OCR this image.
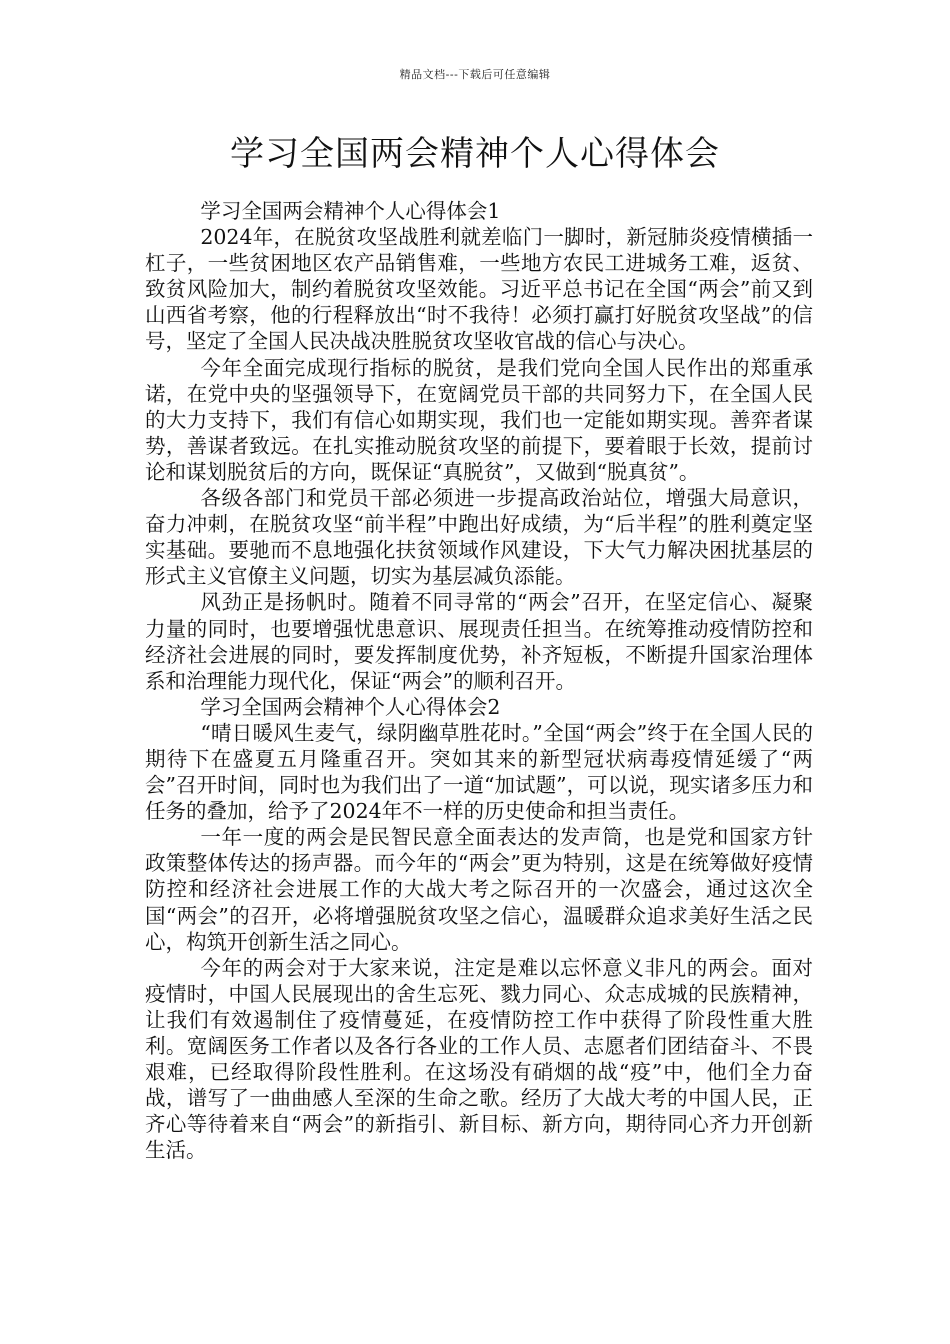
精品文档---下载后可任意编辑
学习全国两会精神个人心得体会

学习全国两会精神个人心得体会1

2024年，在脱贫攻坚战胜利就差临门一脚时，新冠肺炎疫情横插一杠子，一些贫困地区农产品销售难，一些地方农民工进城务工难，返贫、致贫风险加大，制约着脱贫攻坚效能。习近平总书记在全国“两会”前又到山西省考察，他的行程释放出“时不我待！必须打赢打好脱贫攻坚战”的信号，坚定了全国人民决战决胜脱贫攻坚收官战的信心与决心。

今年全面完成现行指标的脱贫，是我们党向全国人民作出的郑重承诺，在党中央的坚强领导下，在宽阔党员干部的共同努力下，在全国人民的大力支持下，我们有信心如期实现，我们也一定能如期实现。善弈者谋势，善谋者致远。在扎实推动脱贫攻坚的前提下，要着眼于长效，提前讨论和谋划脱贫后的方向，既保证“真脱贫”，又做到“脱真贫”。

各级各部门和党员干部必须进一步提高政治站位，增强大局意识，奋力冲刺，在脱贫攻坚“前半程”中跑出好成绩，为“后半程”的胜利奠定坚实基础。要驰而不息地强化扶贫领域作风建设，下大气力解决困扰基层的形式主义官僚主义问题，切实为基层减负添能。

风劲正是扬帆时。随着不同寻常的“两会”召开，在坚定信心、凝聚力量的同时，也要增强忧患意识、展现责任担当。在统筹推动疫情防控和经济社会进展的同时，要发挥制度优势，补齐短板，不断提升国家治理体系和治理能力现代化，保证“两会”的顺利召开。

学习全国两会精神个人心得体会2

“晴日暖风生麦气，绿阴幽草胜花时。”全国“两会”终于在全国人民的期待下在盛夏五月隆重召开。突如其来的新型冠状病毒疫情延缓了“两会”召开时间，同时也为我们出了一道“加试题”，可以说，现实诸多压力和任务的叠加，给予了2024年不一样的历史使命和担当责任。

一年一度的两会是民智民意全面表达的发声筒，也是党和国家方针政策整体传达的扬声器。而今年的“两会”更为特别，这是在统筹做好疫情防控和经济社会进展工作的大战大考之际召开的一次盛会，通过这次全国“两会”的召开，必将增强脱贫攻坚之信心，温暖群众追求美好生活之民心，构筑开创新生活之同心。

今年的两会对于大家来说，注定是难以忘怀意义非凡的两会。面对疫情时，中国人民展现出的舍生忘死、戮力同心、众志成城的民族精神，让我们有效遏制住了疫情蔓延，在疫情防控工作中获得了阶段性重大胜利。宽阔医务工作者以及各行各业的工作人员、志愿者们团结奋斗、不畏艰难，已经取得阶段性胜利。在这场没有硝烟的战“疫”中，他们全力奋战，谱写了一曲曲感人至深的生命之歌。经历了大战大考的中国人民，正齐心等待着来自“两会”的新指引、新目标、新方向，期待同心齐力开创新生活。
